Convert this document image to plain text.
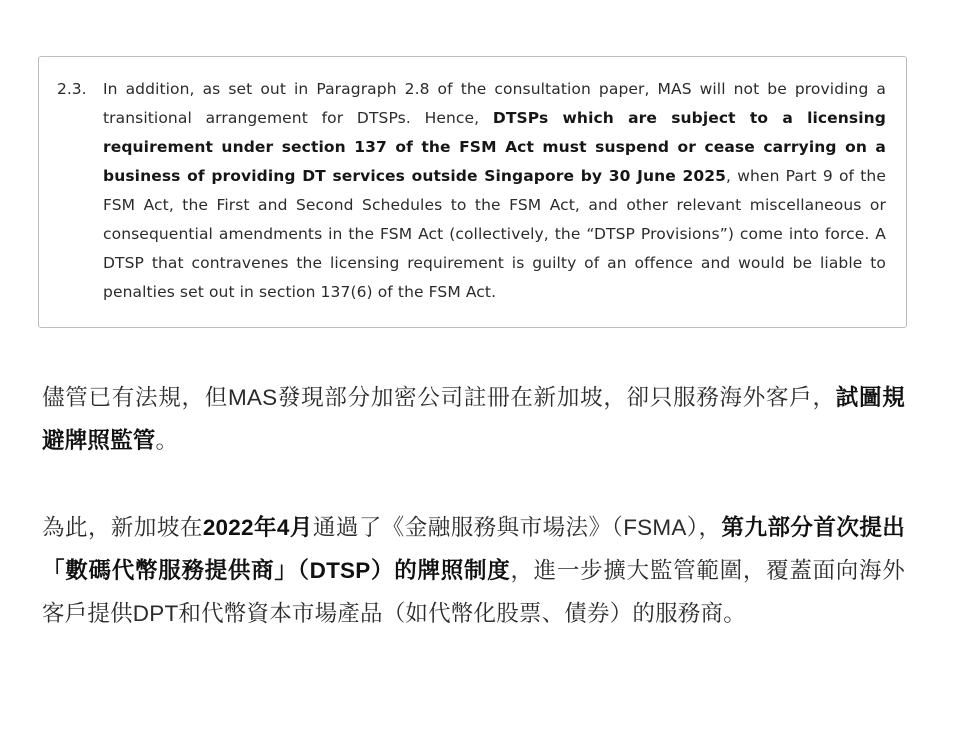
2.3.	In addition, as set out in Paragraph 2.8 of the consultation paper, MAS will not be providing a transitional arrangement for DTSPs. Hence, DTSPs which are subject to a licensing requirement under section 137 of the FSM Act must suspend or cease carrying on a business of providing DT services outside Singapore by 30 June 2025, when Part 9 of the FSM Act, the First and Second Schedules to the FSM Act, and other relevant miscellaneous or consequential amendments in the FSM Act (collectively, the “DTSP Provisions”) come into force. A DTSP that contravenes the licensing requirement is guilty of an offence and would be liable to penalties set out in section 137(6) of the FSM Act.

儘管已有法規，但MAS發現部分加密公司註冊在新加坡，卻只服務海外客戶，試圖規避牌照監管。

為此，新加坡在2022年4月通過了《金融服務與市場法》（FSMA），第九部分首次提出「數碼代幣服務提供商」（DTSP）的牌照制度，進一步擴大監管範圍，覆蓋面向海外客戶提供DPT和代幣資本市場產品（如代幣化股票、債券）的服務商。
